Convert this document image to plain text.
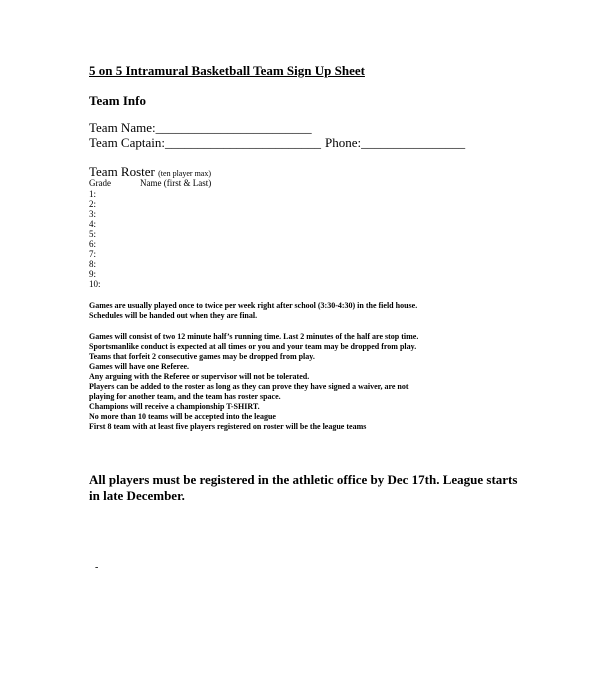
5 on 5 Intramural Basketball Team Sign Up Sheet
Team Info
Team Name:________________________
Team Captain:________________________ Phone:________________
Team Roster (ten player max)
Grade	Name (first & Last)
1:
2:
3:
4:
5:
6:
7:
8:
9:
10:
Games are usually played once to twice per week right after school (3:30-4:30) in the field house.
Schedules will be handed out when they are final.
Games will consist of two 12 minute half’s running time. Last 2 minutes of the half are stop time.
Sportsmanlike conduct is expected at all times or you and your team may be dropped from play.
Teams that forfeit 2 consecutive games may be dropped from play.
Games will have one Referee.
Any arguing with the Referee or supervisor will not be tolerated.
Players can be added to the roster as long as they can prove they have signed a waiver, are not
playing for another team, and the team has roster space.
Champions will receive a championship T-SHIRT.
No more than 10 teams will be accepted into the league
First 8 team with at least five players registered on roster will be the league teams
All players must be registered in the athletic office by Dec 17th. League starts in late December.
-
